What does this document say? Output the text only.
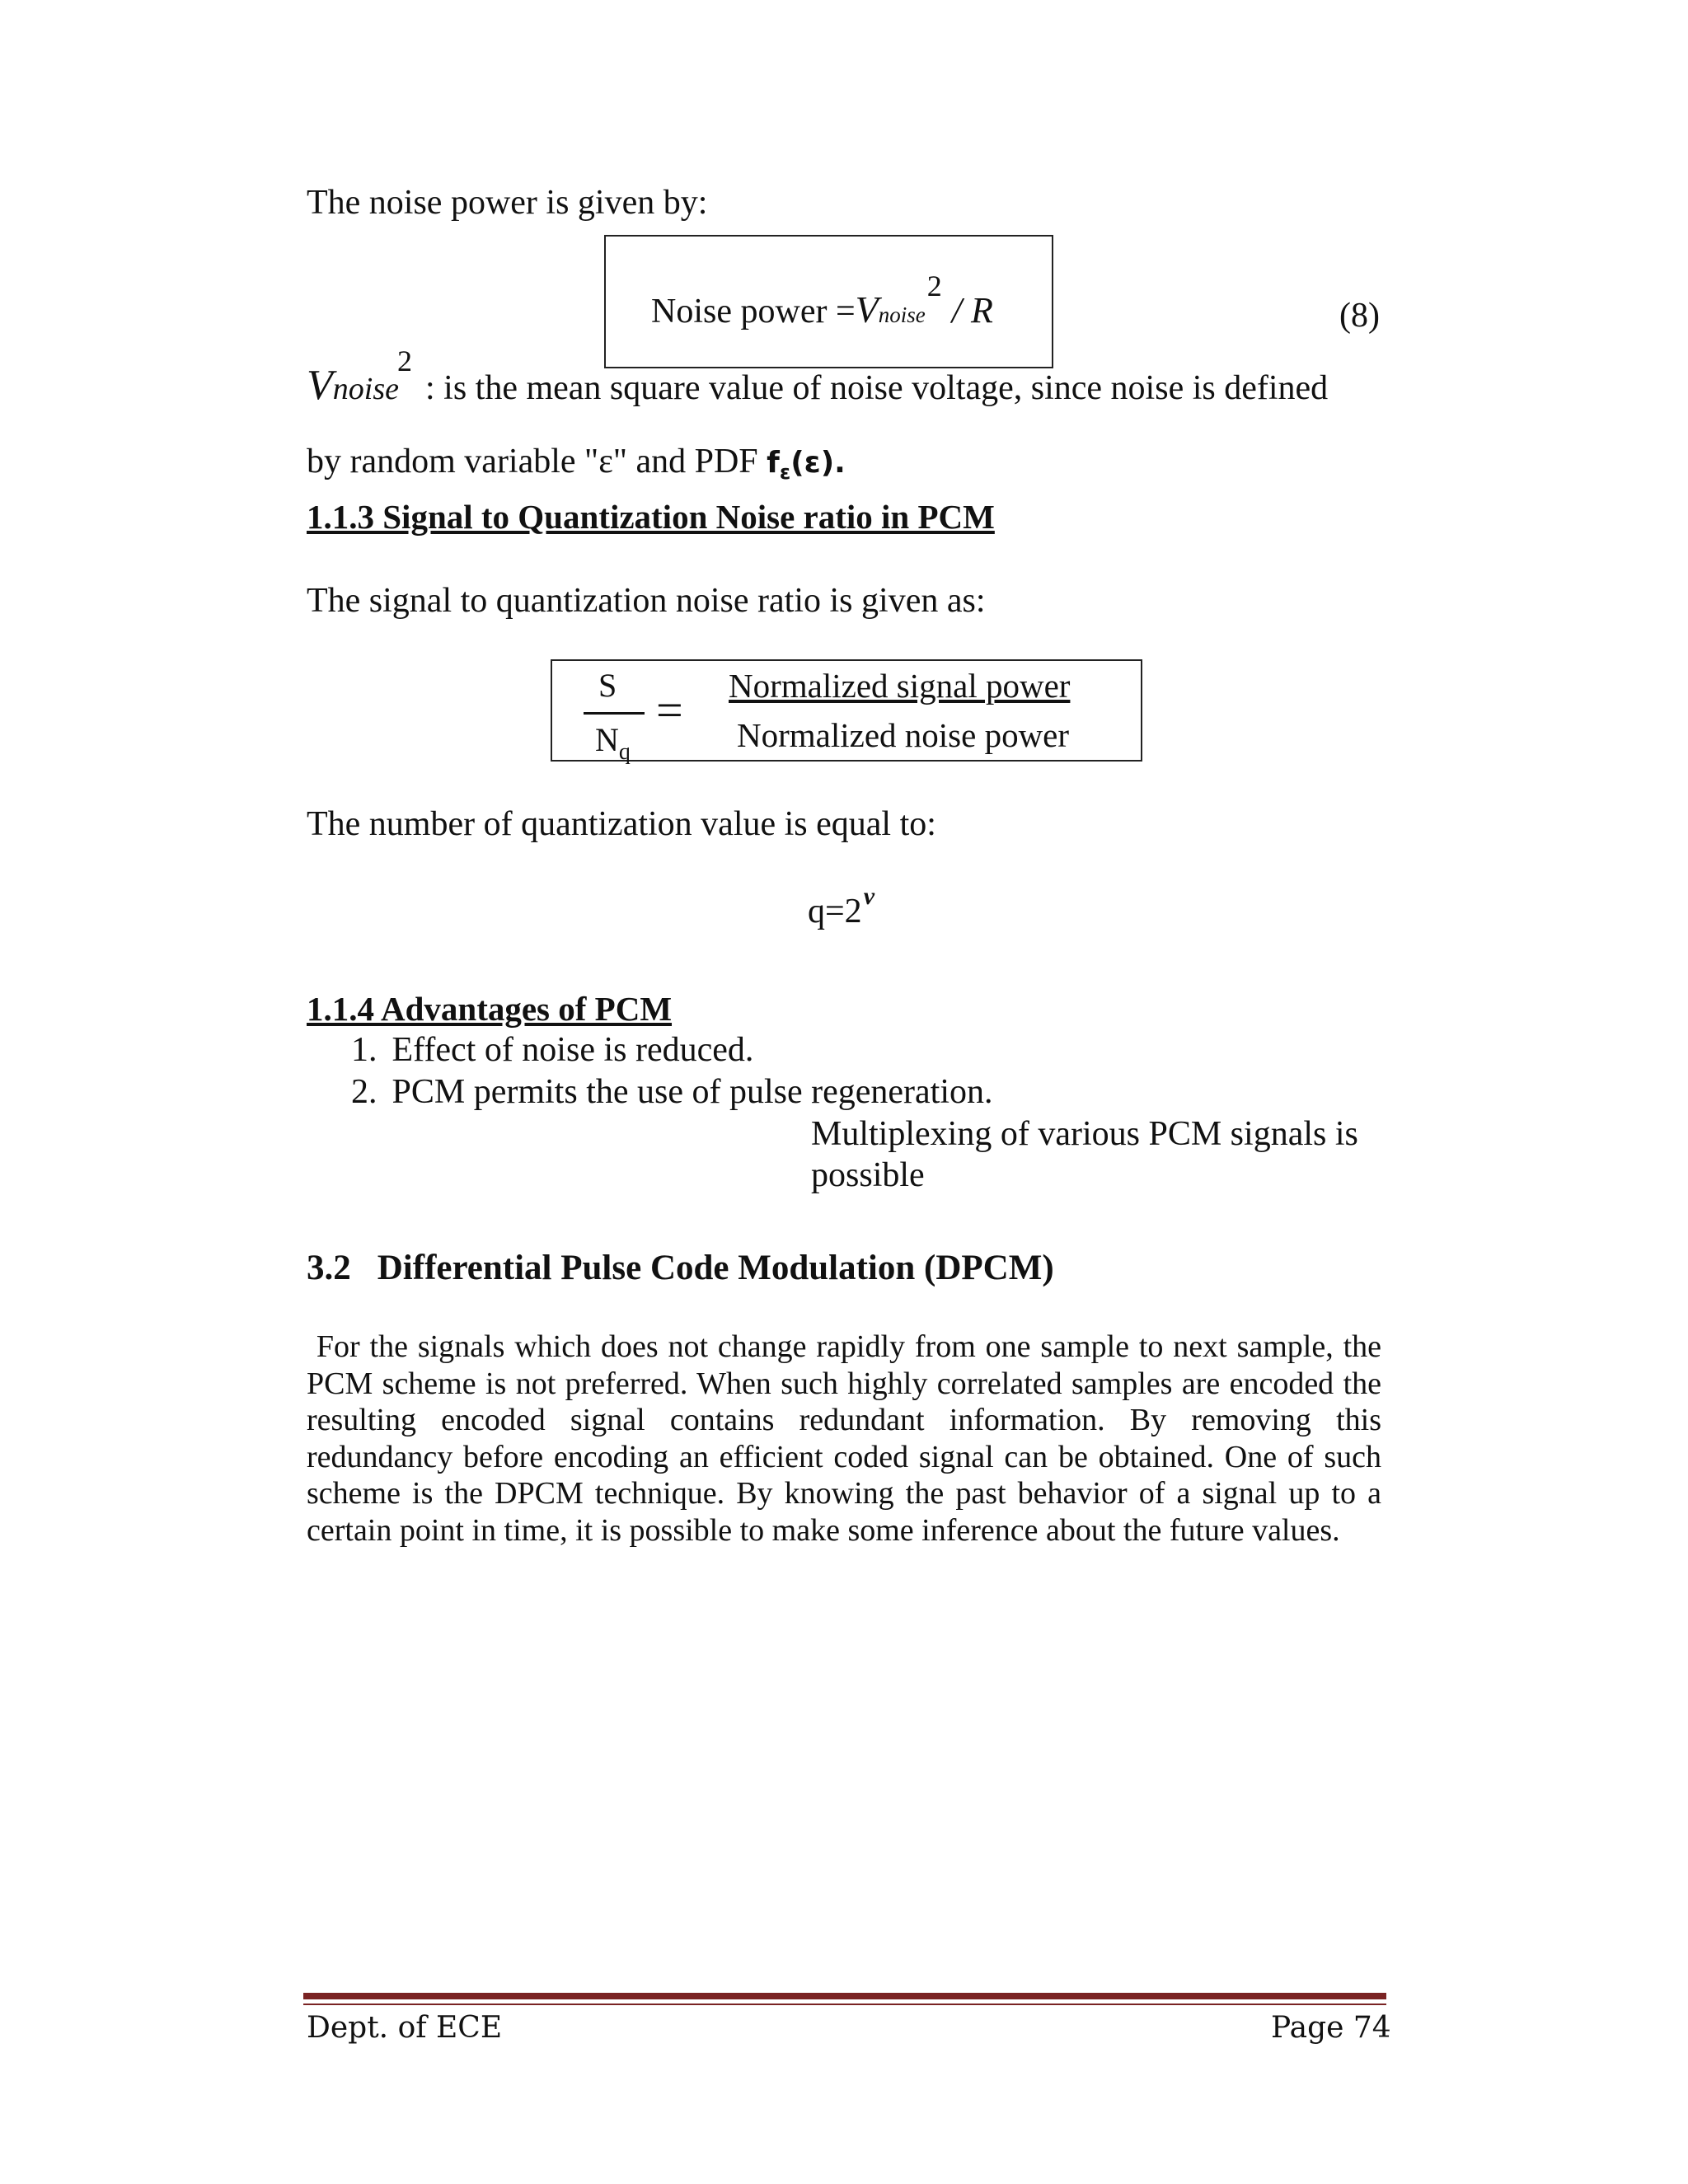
The noise power is given by:
Noise power =Vnoise2/ R	(8)
Vnoise2: is the mean square value of noise voltage, since noise is defined
by random variable "ε" and PDF $f_\varepsilon(\varepsilon)$.
1.1.3 Signal to Quantization Noise ratio in PCM
The signal to quantization noise ratio is given as:
S
$N_q$
= Normalized signal power
Normalized noise power
The number of quantization value is equal to:
$q=2^v$
1.1.4 Advantages of PCM
1. Effect of noise is reduced.
2. PCM permits the use of pulse regeneration.
Multiplexing of various PCM signals is
possible
3.2 Differential Pulse Code Modulation (DPCM)
For the signals which does not change rapidly from one sample to next sample, the PCM scheme is not preferred. When such highly correlated samples are encoded the resulting encoded signal contains redundant information. By removing this redundancy before encoding an efficient coded signal can be obtained. One of such scheme is the DPCM technique. By knowing the past behavior of a signal up to a certain point in time, it is possible to make some inference about the future values.
Dept. of ECE	Page 74
